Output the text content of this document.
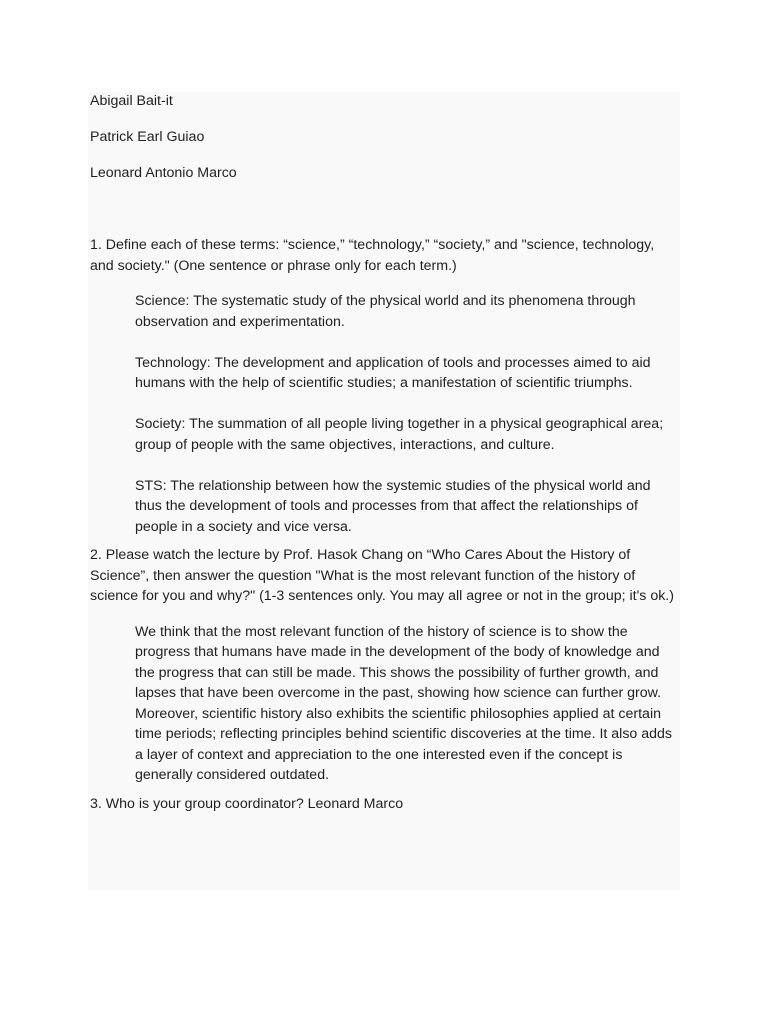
Abigail Bait-it
Patrick Earl Guiao
Leonard Antonio Marco
1. Define each of these terms: “science,” “technology,” “society,” and "science, technology, and society." (One sentence or phrase only for each term.)
Science: The systematic study of the physical world and its phenomena through observation and experimentation.
Technology: The development and application of tools and processes aimed to aid humans with the help of scientific studies; a manifestation of scientific triumphs.
Society: The summation of all people living together in a physical geographical area; group of people with the same objectives, interactions, and culture.
STS: The relationship between how the systemic studies of the physical world and thus the development of tools and processes from that affect the relationships of people in a society and vice versa.
2. Please watch the lecture by Prof. Hasok Chang on “Who Cares About the History of Science”, then answer the question "What is the most relevant function of the history of science for you and why?" (1-3 sentences only. You may all agree or not in the group; it's ok.)
We think that the most relevant function of the history of science is to show the progress that humans have made in the development of the body of knowledge and the progress that can still be made. This shows the possibility of further growth, and lapses that have been overcome in the past, showing how science can further grow. Moreover, scientific history also exhibits the scientific philosophies applied at certain time periods; reflecting principles behind scientific discoveries at the time. It also adds a layer of context and appreciation to the one interested even if the concept is generally considered outdated.
3. Who is your group coordinator? Leonard Marco
